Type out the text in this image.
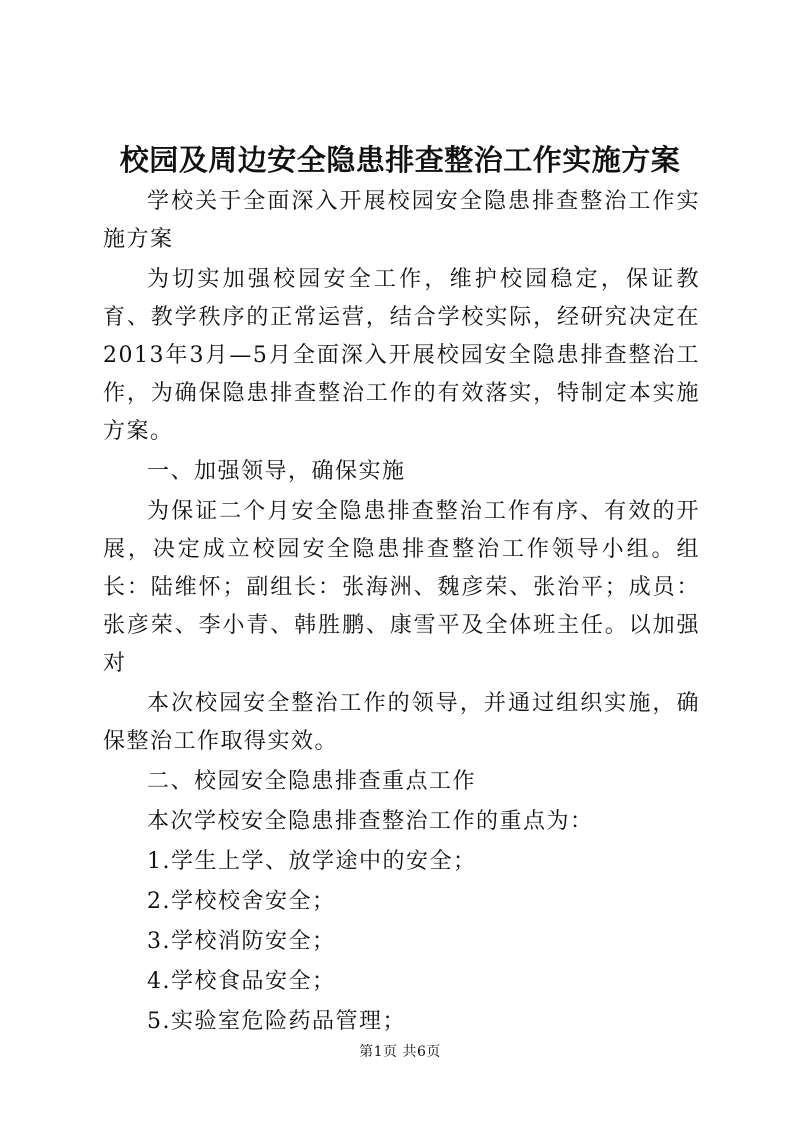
校园及周边安全隐患排查整治工作实施方案

学校关于全面深入开展校园安全隐患排查整治工作实施方案

为切实加强校园安全工作，维护校园稳定，保证教育、教学秩序的正常运营，结合学校实际，经研究决定在2013年3月—5月全面深入开展校园安全隐患排查整治工作，为确保隐患排查整治工作的有效落实，特制定本实施方案。

一、加强领导，确保实施

为保证二个月安全隐患排查整治工作有序、有效的开展，决定成立校园安全隐患排查整治工作领导小组。组长：陆维怀；副组长：张海洲、魏彦荣、张治平；成员：张彦荣、李小青、韩胜鹏、康雪平及全体班主任。以加强对

本次校园安全整治工作的领导，并通过组织实施，确保整治工作取得实效。

二、校园安全隐患排查重点工作

本次学校安全隐患排查整治工作的重点为：

1.学生上学、放学途中的安全；

2.学校校舍安全；

3.学校消防安全；

4.学校食品安全；

5.实验室危险药品管理；

第1页 共6页
